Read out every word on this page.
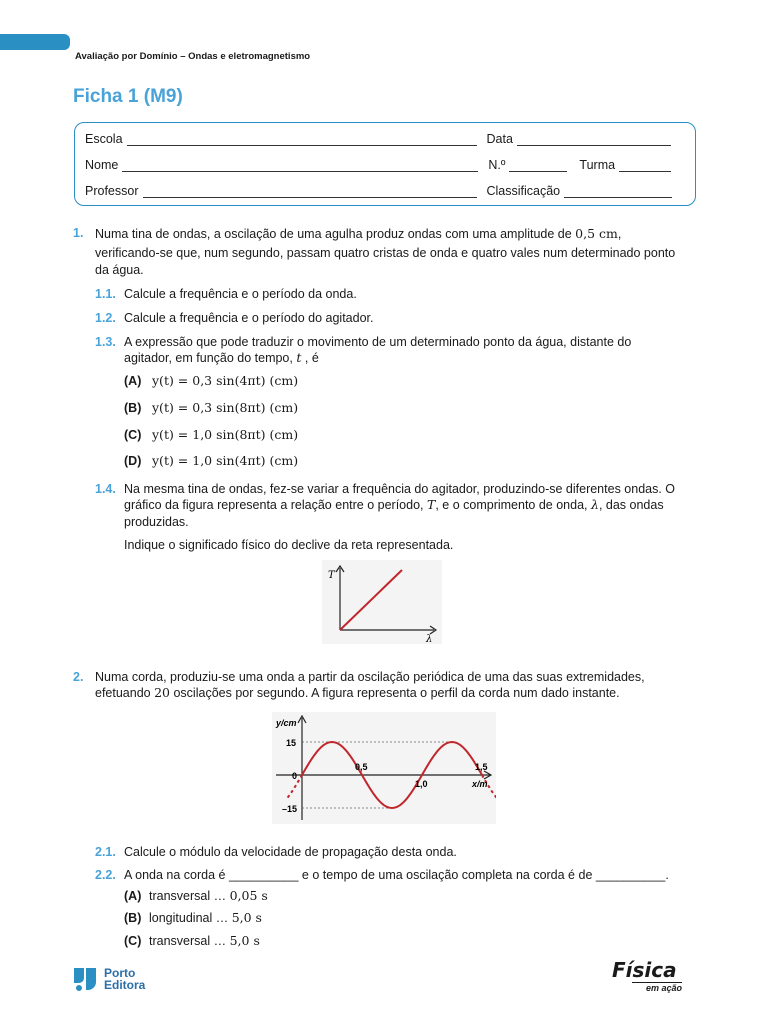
Avaliação por Domínio – Ondas e eletromagnetismo
Ficha 1 (M9)
Escola	Data
Nome	N.º	Turma
Professor	Classificação
1. Numa tina de ondas, a oscilação de uma agulha produz ondas com uma amplitude de 0,5 cm,
verificando-se que, num segundo, passam quatro cristas de onda e quatro vales num determinado ponto
da água.
1.1. Calcule a frequência e o período da onda.
1.2. Calcule a frequência e o período do agitador.
1.3. A expressão que pode traduzir o movimento de um determinado ponto da água, distante do
agitador, em função do tempo, t , é
(A) y(t) = 0,3 sin(4πt) (cm)
(B) y(t) = 0,3 sin(8πt) (cm)
(C) y(t) = 1,0 sin(8πt) (cm)
(D) y(t) = 1,0 sin(4πt) (cm)
1.4. Na mesma tina de ondas, fez-se variar a frequência do agitador, produzindo-se diferentes ondas. O
gráfico da figura representa a relação entre o período, T, e o comprimento de onda, λ, das ondas
produzidas.
Indique o significado físico do declive da reta representada.
T
λ
2. Numa corda, produziu-se uma onda a partir da oscilação periódica de uma das suas extremidades,
efetuando 20 oscilações por segundo. A figura representa o perfil da corda num dado instante.
y/cm
x/m
15
0
–15
0,5
1,0
1,5
2.1. Calcule o módulo da velocidade de propagação desta onda.
2.2. A onda na corda é __________ e o tempo de uma oscilação completa na corda é de __________.
(A) transversal … 0,05 s
(B) longitudinal … 5,0 s
(C) transversal … 5,0 s
Porto
Editora
Física
em ação
